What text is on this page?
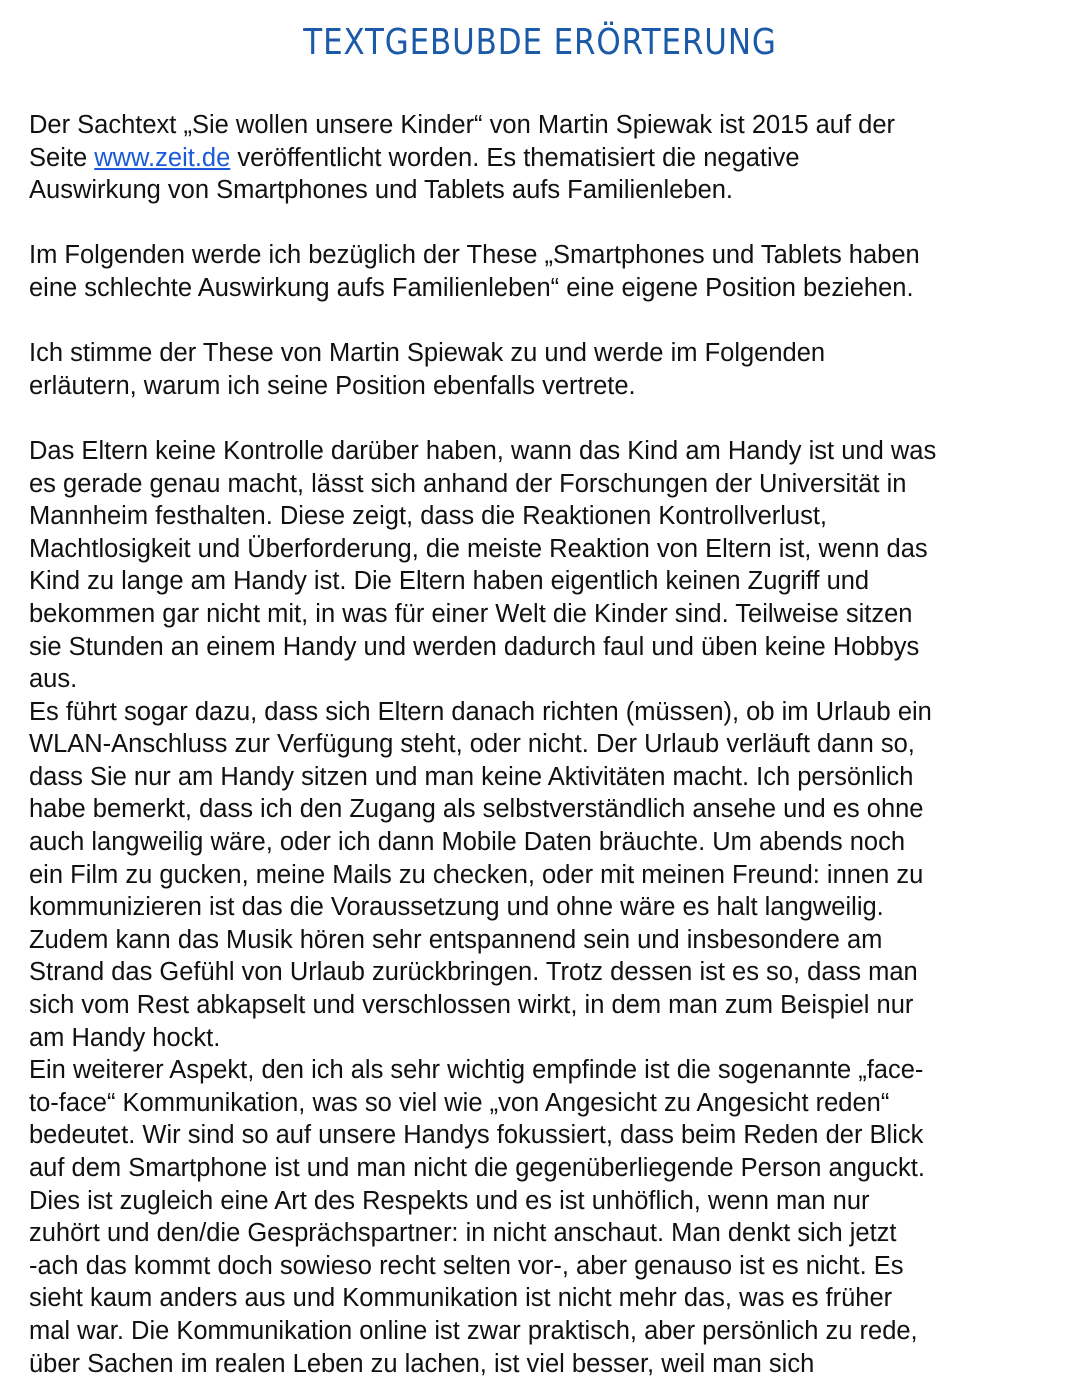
TEXTGEBUBDE ERÖRTERUNG

Der Sachtext „Sie wollen unsere Kinder“ von Martin Spiewak ist 2015 auf der
Seite www.zeit.de veröffentlicht worden. Es thematisiert die negative
Auswirkung von Smartphones und Tablets aufs Familienleben.

Im Folgenden werde ich bezüglich der These „Smartphones und Tablets haben
eine schlechte Auswirkung aufs Familienleben“ eine eigene Position beziehen.

Ich stimme der These von Martin Spiewak zu und werde im Folgenden
erläutern, warum ich seine Position ebenfalls vertrete.

Das Eltern keine Kontrolle darüber haben, wann das Kind am Handy ist und was
es gerade genau macht, lässt sich anhand der Forschungen der Universität in
Mannheim festhalten. Diese zeigt, dass die Reaktionen Kontrollverlust,
Machtlosigkeit und Überforderung, die meiste Reaktion von Eltern ist, wenn das
Kind zu lange am Handy ist. Die Eltern haben eigentlich keinen Zugriff und
bekommen gar nicht mit, in was für einer Welt die Kinder sind. Teilweise sitzen
sie Stunden an einem Handy und werden dadurch faul und üben keine Hobbys
aus.
Es führt sogar dazu, dass sich Eltern danach richten (müssen), ob im Urlaub ein
WLAN-Anschluss zur Verfügung steht, oder nicht. Der Urlaub verläuft dann so,
dass Sie nur am Handy sitzen und man keine Aktivitäten macht. Ich persönlich
habe bemerkt, dass ich den Zugang als selbstverständlich ansehe und es ohne
auch langweilig wäre, oder ich dann Mobile Daten bräuchte. Um abends noch
ein Film zu gucken, meine Mails zu checken, oder mit meinen Freund: innen zu
kommunizieren ist das die Voraussetzung und ohne wäre es halt langweilig.
Zudem kann das Musik hören sehr entspannend sein und insbesondere am
Strand das Gefühl von Urlaub zurückbringen. Trotz dessen ist es so, dass man
sich vom Rest abkapselt und verschlossen wirkt, in dem man zum Beispiel nur
am Handy hockt.
Ein weiterer Aspekt, den ich als sehr wichtig empfinde ist die sogenannte „face-
to-face“ Kommunikation, was so viel wie „von Angesicht zu Angesicht reden“
bedeutet. Wir sind so auf unsere Handys fokussiert, dass beim Reden der Blick
auf dem Smartphone ist und man nicht die gegenüberliegende Person anguckt.
Dies ist zugleich eine Art des Respekts und es ist unhöflich, wenn man nur
zuhört und den/die Gesprächspartner: in nicht anschaut. Man denkt sich jetzt
-ach das kommt doch sowieso recht selten vor-, aber genauso ist es nicht. Es
sieht kaum anders aus und Kommunikation ist nicht mehr das, was es früher
mal war. Die Kommunikation online ist zwar praktisch, aber persönlich zu rede,
über Sachen im realen Leben zu lachen, ist viel besser, weil man sich
